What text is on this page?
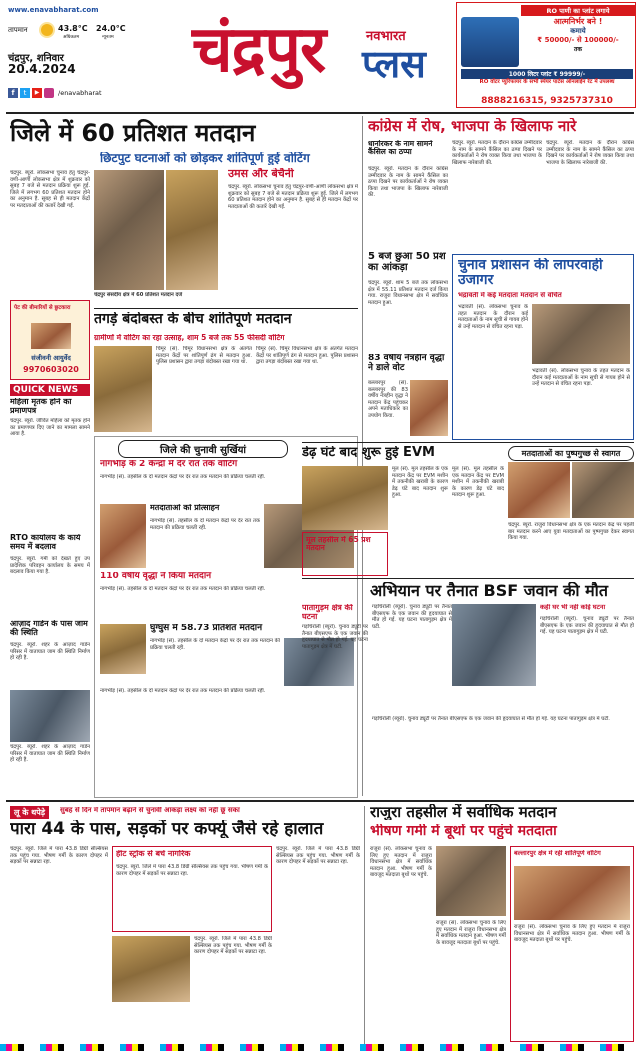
www.enavabharat.com
तापमान	43.8°C
अधिकतम
24.0°C
न्यूनतम
चंद्रपुर, शनिवार
20.4.2024
f	t	▶	/enavabharat
चंद्रपुर	नवभारत
प्लस
RO पाणी का प्लांट लगाये
आत्मनिर्भर बने !
कमाये
₹ 50000/- से 100000/-
तक
1000 लिटर प्लांट ₹ 99999/-
RO वॉटर प्युरिफायर के सभी स्पेयर पार्टस ऑनलाईन रेट में उपलब्ध
8888216315, 9325737310
जिले में 60 प्रतिशत मतदान
छिटपुट घटनाओं को छोड़कर शांतिपूर्ण हुई वोटिंग
चंद्रपुर. ब्यूरो. लोकसभा चुनाव हेतु चंद्रपुर-वणी-आर्णी लोकसभा क्षेत्र में शुक्रवार को सुबह 7 बजे से मतदान प्रक्रिया शुरू हुई. जिले में लगभग 60 प्रतिशत मतदान होने का अनुमान है. सुबह से ही मतदान केंद्रों पर मतदाताओं की कतारें देखी गईं.
उमस और बेचैनी
चंद्रपुर. ब्यूरो. लोकसभा चुनाव हेतु चंद्रपुर-वणी-आर्णी लोकसभा क्षेत्र में शुक्रवार को सुबह 7 बजे से मतदान प्रक्रिया शुरू हुई. जिले में लगभग 60 प्रतिशत मतदान होने का अनुमान है. सुबह से ही मतदान केंद्रों पर मतदाताओं की कतारें देखी गईं.
चंद्रपुर संसदीय क्षेत्र में 60 प्रतिशत मतदान दर्ज
पेट की बीमारियों से छुटकारा
संजीवनी आयुर्वेद
9970603020
तगड़े बंदोबस्त के बीच शांतिपूर्ण मतदान
ग्रामीणों में वोटिंग का रहा उत्साह, शाम 5 बजे तक 55 फीसदी वोटिंग
चिमूर (सं). चिमूर विधानसभा क्षेत्र के अंतर्गत मतदान केंद्रों पर शांतिपूर्ण ढंग से मतदान हुआ. पुलिस प्रशासन द्वारा तगड़ा बंदोबस्त रखा गया था.
चिमूर (सं). चिमूर विधानसभा क्षेत्र के अंतर्गत मतदान केंद्रों पर शांतिपूर्ण ढंग से मतदान हुआ. पुलिस प्रशासन द्वारा तगड़ा बंदोबस्त रखा गया था.
QUICK NEWS
महिला मृतक होने का प्रमाणपत्र
चंद्रपुर. ब्यूरो. जीवित महिला को मृतक होने का प्रमाणपत्र दिए जाने का मामला सामने आया है.
RTO कार्यालय के कार्य समय में बदलाव
चंद्रपुर. ब्यूरो. गर्मी को देखते हुए उप प्रादेशिक परिवहन कार्यालय के समय में बदलाव किया गया है.
आज़ाद गार्डन के पास जाम की स्थिति
चंद्रपुर. ब्यूरो. शहर के आज़ाद गार्डन परिसर में यातायात जाम की स्थिति निर्माण हो रही है.
चंद्रपुर. ब्यूरो. शहर के आज़ाद गार्डन परिसर में यातायात जाम की स्थिति निर्माण हो रही है.
जिले की चुनावी सुर्खियां
नागभीड़ के 2 केन्द्रों में देर रात तक वोटिंग
नागभीड़ (सं). तहसील के दो मतदान केंद्रों पर देर रात तक मतदान की प्रक्रिया चलती रही.
मतदाताओं को प्रोत्साहन
नागभीड़ (सं). तहसील के दो मतदान केंद्रों पर देर रात तक मतदान की प्रक्रिया चलती रही.
110 वर्षीय वृद्धा ने किया मतदान
नागभीड़ (सं). तहसील के दो मतदान केंद्रों पर देर रात तक मतदान की प्रक्रिया चलती रही.
घुग्घुस में 58.73 प्रतिशत मतदान
नागभीड़ (सं). तहसील के दो मतदान केंद्रों पर देर रात तक मतदान की प्रक्रिया चलती रही.
नागभीड़ (सं). तहसील के दो मतदान केंद्रों पर देर रात तक मतदान की प्रक्रिया चलती रही.
कांग्रेस में रोष, भाजपा के खिलाफ नारे
धानोरकर के नाम सामने कैंसिल का ठप्पा
चंद्रपुर. ब्यूरो. मतदान के दौरान कांग्रेस उम्मीदवार के नाम के सामने कैंसिल का ठप्पा दिखने पर कार्यकर्ताओं ने रोष व्यक्त किया तथा भाजपा के खिलाफ नारेबाजी की.
चंद्रपुर. ब्यूरो. मतदान के दौरान कांग्रेस उम्मीदवार के नाम के सामने कैंसिल का ठप्पा दिखने पर कार्यकर्ताओं ने रोष व्यक्त किया तथा भाजपा के खिलाफ नारेबाजी की.
चंद्रपुर. ब्यूरो. मतदान के दौरान कांग्रेस उम्मीदवार के नाम के सामने कैंसिल का ठप्पा दिखने पर कार्यकर्ताओं ने रोष व्यक्त किया तथा भाजपा के खिलाफ नारेबाजी की.
5 बजे छुआ 50 प्रश का आंकड़ा
चंद्रपुर. ब्यूरो. शाम 5 बजे तक लोकसभा क्षेत्र में 55.11 प्रतिशत मतदान दर्ज किया गया. राजुरा विधानसभा क्षेत्र में सर्वाधिक मतदान हुआ.
83 वर्षीय नेत्रहीन वृद्धा ने डाले वोट
बल्लारपुर (सं). बल्लारपुर की 83 वर्षीय नेत्रहीन वृद्धा ने मतदान केंद्र पहुंचकर अपने मताधिकार का उपयोग किया.
चुनाव प्रशासन की लापरवाही उजागर
भद्रावती में कई मतदाता मतदान से वंचित
भद्रावती (सं). लोकसभा चुनाव के तहत मतदान के दौरान कई मतदाताओं के नाम सूची से गायब होने से उन्हें मतदान से वंचित रहना पड़ा.
भद्रावती (सं). लोकसभा चुनाव के तहत मतदान के दौरान कई मतदाताओं के नाम सूची से गायब होने से उन्हें मतदान से वंचित रहना पड़ा.
डेढ़ घंटे बाद शुरू हुई EVM
मूल तहसील में 65 प्रश मतदान
मूल (सं). मूल तहसील के एक मतदान केंद्र पर EVM मशीन में तकनीकी खराबी के कारण डेढ़ घंटे बाद मतदान शुरू हुआ.
मूल (सं). मूल तहसील के एक मतदान केंद्र पर EVM मशीन में तकनीकी खराबी के कारण डेढ़ घंटे बाद मतदान शुरू हुआ.
मतदाताओं का पुष्पगुच्छ से स्वागत
चंद्रपुर. ब्यूरो. राजुरा विधानसभा क्षेत्र के एक मतदान केंद्र पर पहली बार मतदान करने आए युवा मतदाताओं का पुष्पगुच्छ देकर स्वागत किया गया.
अभियान पर तैनात BSF जवान की मौत
कहीं घर भी नहीं कोई घटना
पातागुड़म क्षेत्र की घटना
गड़चिरोली (ब्यूरो). चुनाव ड्यूटी पर तैनात बीएसएफ के एक जवान की हृदयाघात से मौत हो गई. यह घटना पातागुड़म क्षेत्र में घटी.
गड़चिरोली (ब्यूरो). चुनाव ड्यूटी पर तैनात बीएसएफ के एक जवान की हृदयाघात से मौत हो गई. यह घटना पातागुड़म क्षेत्र में घटी.
गड़चिरोली (ब्यूरो). चुनाव ड्यूटी पर तैनात बीएसएफ के एक जवान की हृदयाघात से मौत हो गई. यह घटना पातागुड़म क्षेत्र में घटी.
गड़चिरोली (ब्यूरो). चुनाव ड्यूटी पर तैनात बीएसएफ के एक जवान की हृदयाघात से मौत हो गई. यह घटना पातागुड़म क्षेत्र में घटी.
लू के थपेड़े	सुबह से दिन में तापमान बढ़ाने से चुनावी आंकड़ा लक्ष्य को नहीं छू सका
पारा 44 के पास, सड़कों पर कर्फ्यू जैसे रहे हालात
चंद्रपुर. ब्यूरो. जिले में पारा 43.8 डिग्री सेल्सियस तक पहुंच गया. भीषण गर्मी के कारण दोपहर में सड़कों पर सन्नाटा रहा.
हीट स्ट्रोक से बचे नागरिक
चंद्रपुर. ब्यूरो. जिले में पारा 43.8 डिग्री सेल्सियस तक पहुंच गया. भीषण गर्मी के कारण दोपहर में सड़कों पर सन्नाटा रहा.
चंद्रपुर. ब्यूरो. जिले में पारा 43.8 डिग्री सेल्सियस तक पहुंच गया. भीषण गर्मी के कारण दोपहर में सड़कों पर सन्नाटा रहा.
चंद्रपुर. ब्यूरो. जिले में पारा 43.8 डिग्री सेल्सियस तक पहुंच गया. भीषण गर्मी के कारण दोपहर में सड़कों पर सन्नाटा रहा.
राजुरा तहसील में सर्वाधिक मतदान
भीषण गर्मी में बूथों पर पहुंचे मतदाता
राजुरा (सं). लोकसभा चुनाव के लिए हुए मतदान में राजुरा विधानसभा क्षेत्र में सर्वाधिक मतदान हुआ. भीषण गर्मी के बावजूद मतदाता बूथों पर पहुंचे.
राजुरा (सं). लोकसभा चुनाव के लिए हुए मतदान में राजुरा विधानसभा क्षेत्र में सर्वाधिक मतदान हुआ. भीषण गर्मी के बावजूद मतदाता बूथों पर पहुंचे.
बल्लारपुर क्षेत्र में रही शांतिपूर्ण वोटिंग
राजुरा (सं). लोकसभा चुनाव के लिए हुए मतदान में राजुरा विधानसभा क्षेत्र में सर्वाधिक मतदान हुआ. भीषण गर्मी के बावजूद मतदाता बूथों पर पहुंचे.
